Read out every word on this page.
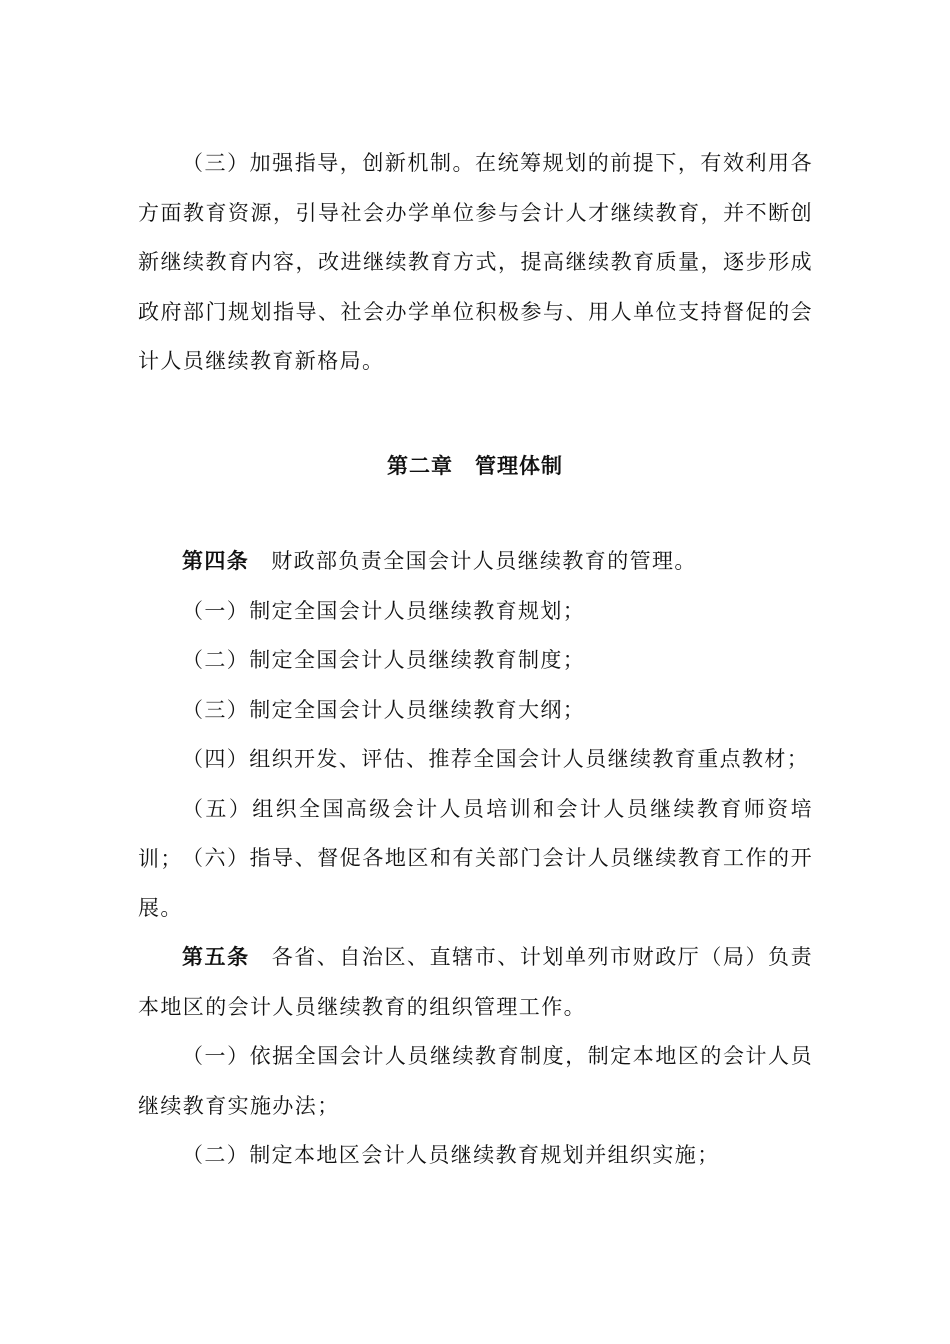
（三）加强指导，创新机制。在统筹规划的前提下，有效利用各方面教育资源，引导社会办学单位参与会计人才继续教育，并不断创新继续教育内容，改进继续教育方式，提高继续教育质量，逐步形成政府部门规划指导、社会办学单位积极参与、用人单位支持督促的会计人员继续教育新格局。

第二章　管理体制

第四条 财政部负责全国会计人员继续教育的管理。

（一）制定全国会计人员继续教育规划；

（二）制定全国会计人员继续教育制度；

（三）制定全国会计人员继续教育大纲；

（四）组织开发、评估、推荐全国会计人员继续教育重点教材；

（五）组织全国高级会计人员培训和会计人员继续教育师资培训； （六）指导、督促各地区和有关部门会计人员继续教育工作的开展。

第五条 各省、自治区、直辖市、计划单列市财政厅（局）负责本地区的会计人员继续教育的组织管理工作。

（一）依据全国会计人员继续教育制度，制定本地区的会计人员继续教育实施办法；

（二）制定本地区会计人员继续教育规划并组织实施；
